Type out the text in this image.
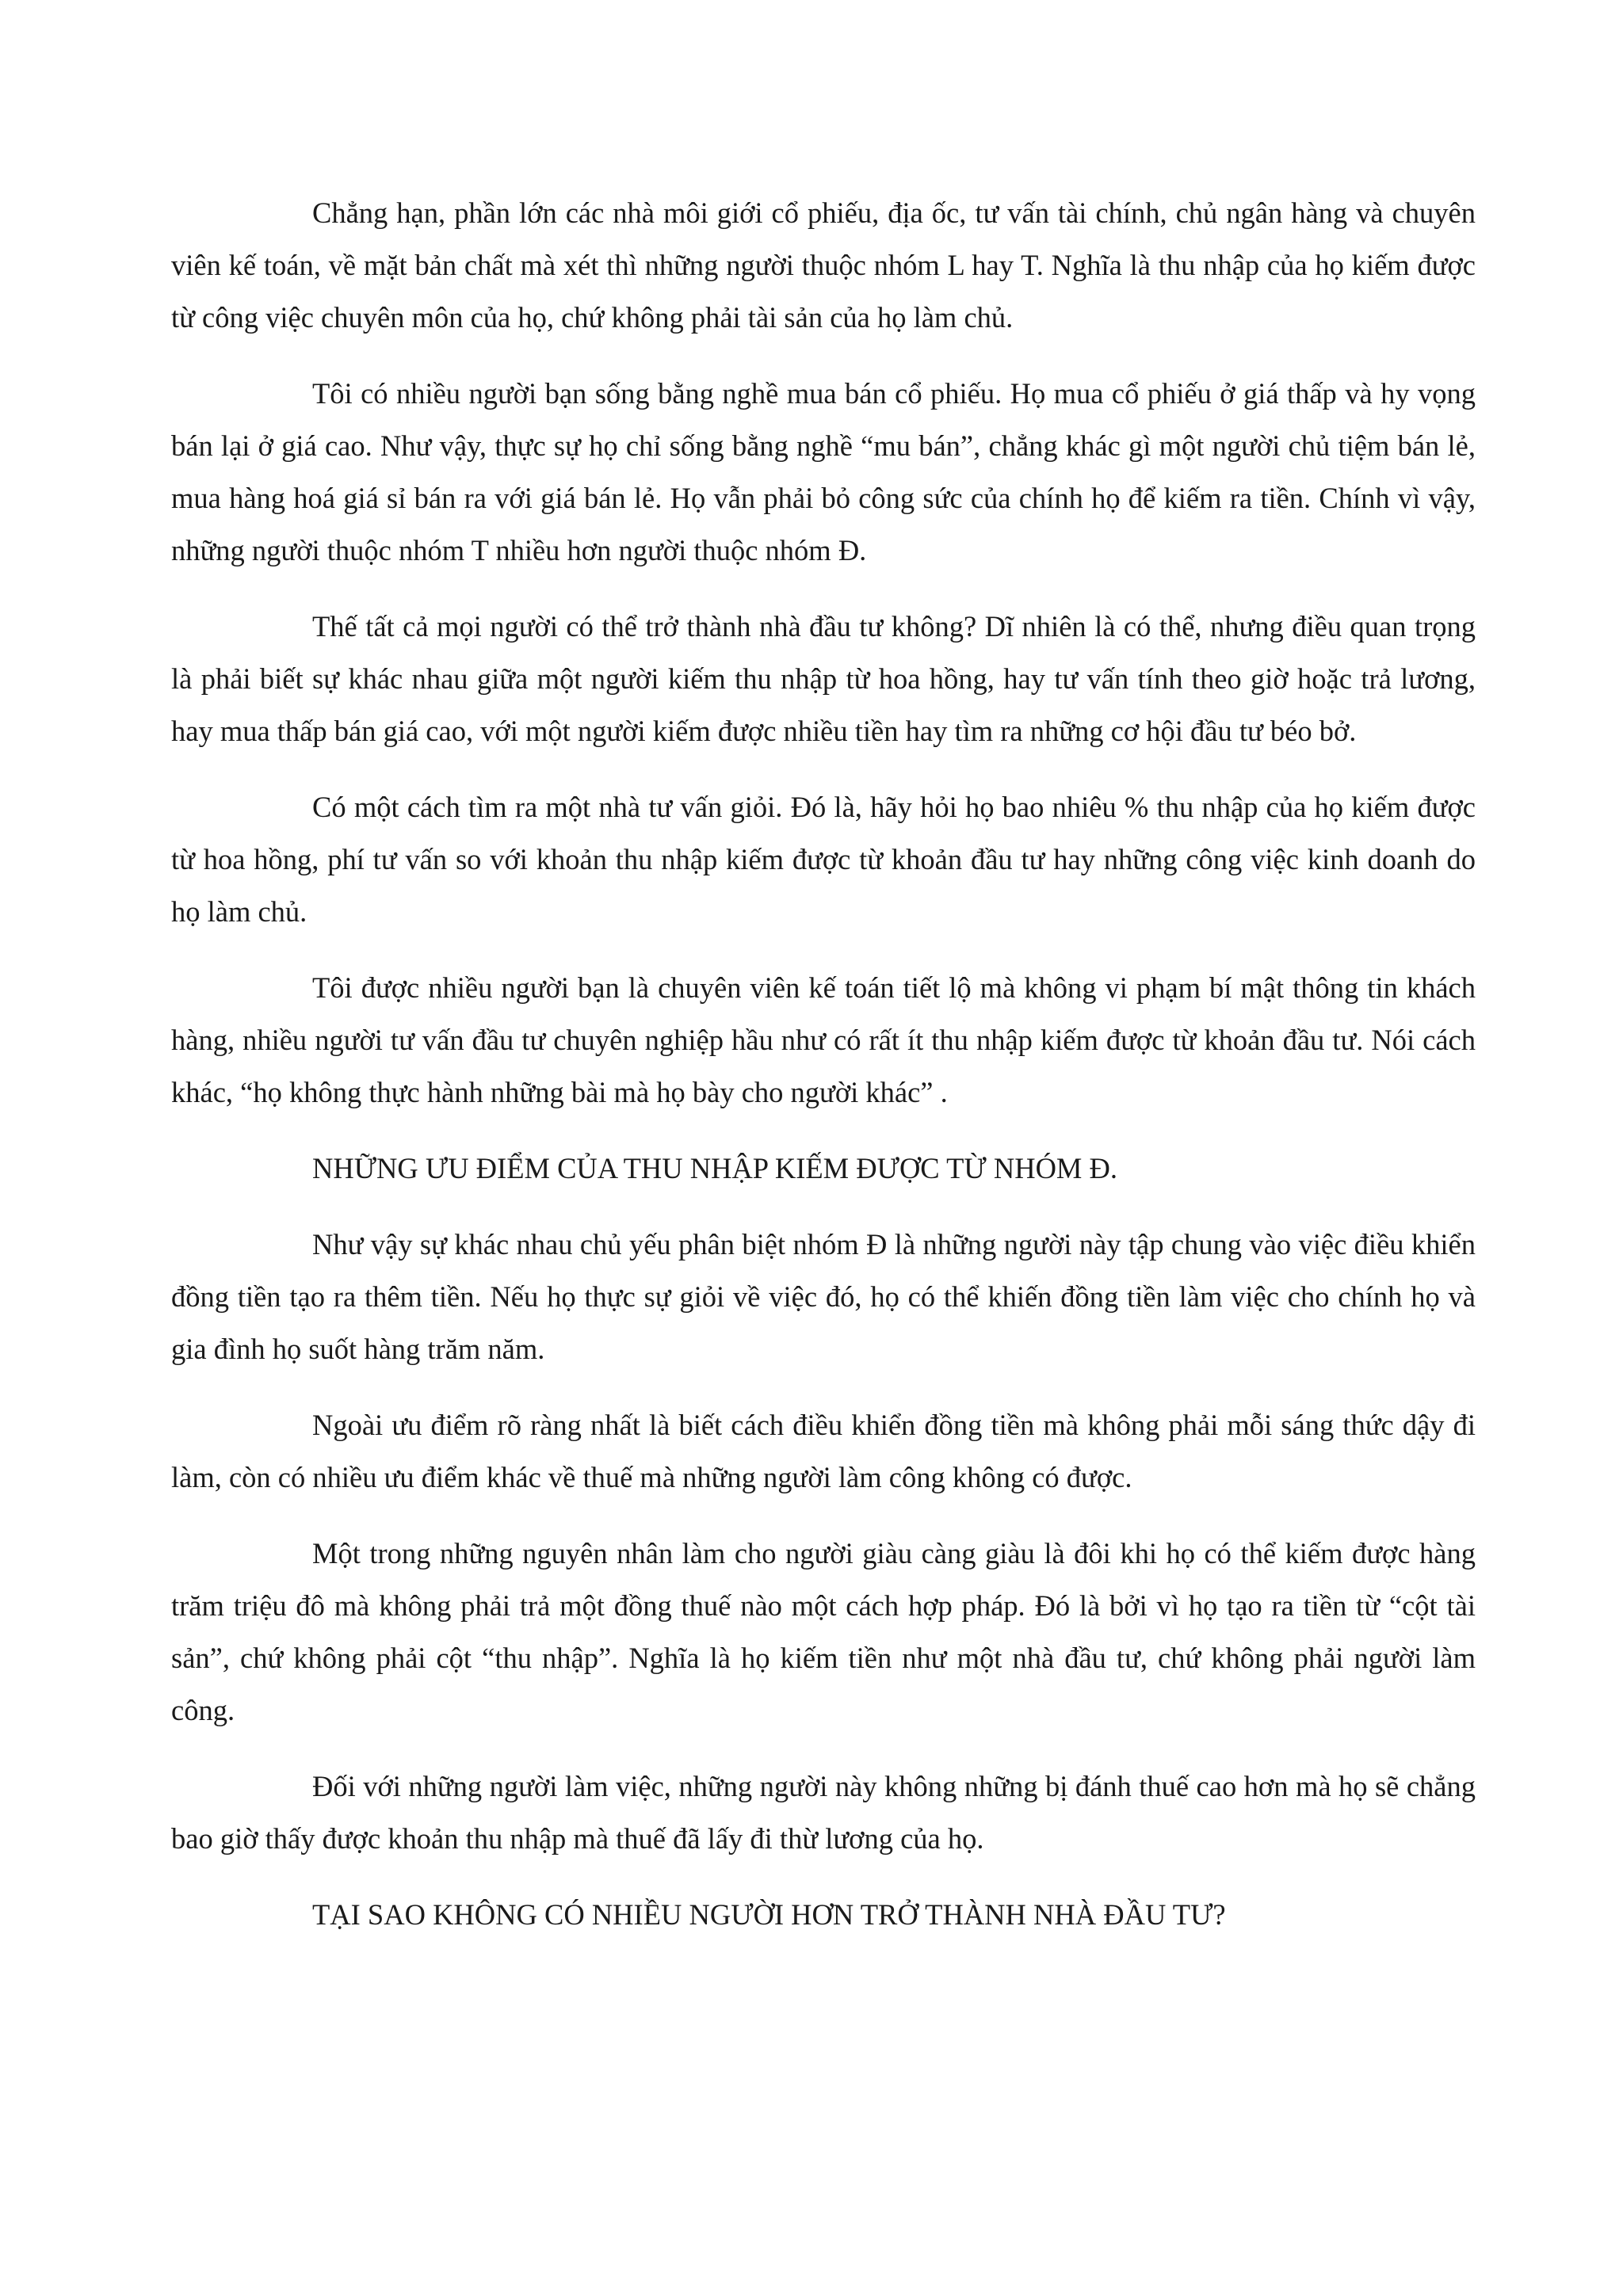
Chẳng hạn, phần lớn các nhà môi giới cổ phiếu, địa ốc, tư vấn tài chính, chủ ngân hàng và chuyên viên kế toán, về mặt bản chất mà xét thì những người thuộc nhóm L hay T. Nghĩa là thu nhập của họ kiếm được từ công việc chuyên môn của họ, chứ không phải tài sản của họ làm chủ.

Tôi có nhiều người bạn sống bằng nghề mua bán cổ phiếu. Họ mua cổ phiếu ở giá thấp và hy vọng bán lại ở giá cao. Như vậy, thực sự họ chỉ sống bằng nghề “mu bán”, chẳng khác gì một người chủ tiệm bán lẻ, mua hàng hoá giá sỉ bán ra với giá bán lẻ. Họ vẫn phải bỏ công sức của chính họ để kiếm ra tiền. Chính vì vậy, những người thuộc nhóm T nhiều hơn người thuộc nhóm Đ.

Thế tất cả mọi người có thể trở thành nhà đầu tư không? Dĩ nhiên là có thể, nhưng điều quan trọng là phải biết sự khác nhau giữa một người kiếm thu nhập từ hoa hồng, hay tư vấn tính theo giờ hoặc trả lương, hay mua thấp bán giá cao, với một người kiếm được nhiều tiền hay tìm ra những cơ hội đầu tư béo bở.

Có một cách tìm ra một nhà tư vấn giỏi. Đó là, hãy hỏi họ bao nhiêu % thu nhập của họ kiếm được từ hoa hồng, phí tư vấn so với khoản thu nhập kiếm được từ khoản đầu tư hay những công việc kinh doanh do họ làm chủ.

Tôi được nhiều người bạn là chuyên viên kế toán tiết lộ mà không vi phạm bí mật thông tin khách hàng, nhiều người tư vấn đầu tư chuyên nghiệp hầu như có rất ít thu nhập kiếm được từ khoản đầu tư. Nói cách khác, “họ không thực hành những bài mà họ bày cho người khác” .

NHỮNG ƯU ĐIỂM CỦA THU NHẬP KIẾM ĐƯỢC TỪ NHÓM Đ.

Như vậy sự khác nhau chủ yếu phân biệt nhóm Đ là những người này tập chung vào việc điều khiển đồng tiền tạo ra thêm tiền. Nếu họ thực sự giỏi về việc đó, họ có thể khiến đồng tiền làm việc cho chính họ và gia đình họ suốt hàng trăm năm.

Ngoài ưu điểm rõ ràng nhất là biết cách điều khiển đồng tiền mà không phải mỗi sáng thức dậy đi làm, còn có nhiều ưu điểm khác về thuế mà những người làm công không có được.

Một trong những nguyên nhân làm cho người giàu càng giàu là đôi khi họ có thể kiếm được hàng trăm triệu đô mà không phải trả một đồng thuế nào một cách hợp pháp. Đó là bởi vì họ tạo ra tiền từ “cột tài sản”, chứ không phải cột “thu nhập”. Nghĩa là họ kiếm tiền như một nhà đầu tư, chứ không phải người làm công.

Đối với những người làm việc, những người này không những bị đánh thuế cao hơn mà họ sẽ chẳng bao giờ thấy được khoản thu nhập mà thuế đã lấy đi thừ lương của họ.

TẠI SAO KHÔNG CÓ NHIỀU NGƯỜI HƠN TRỞ THÀNH NHÀ ĐẦU TƯ?
